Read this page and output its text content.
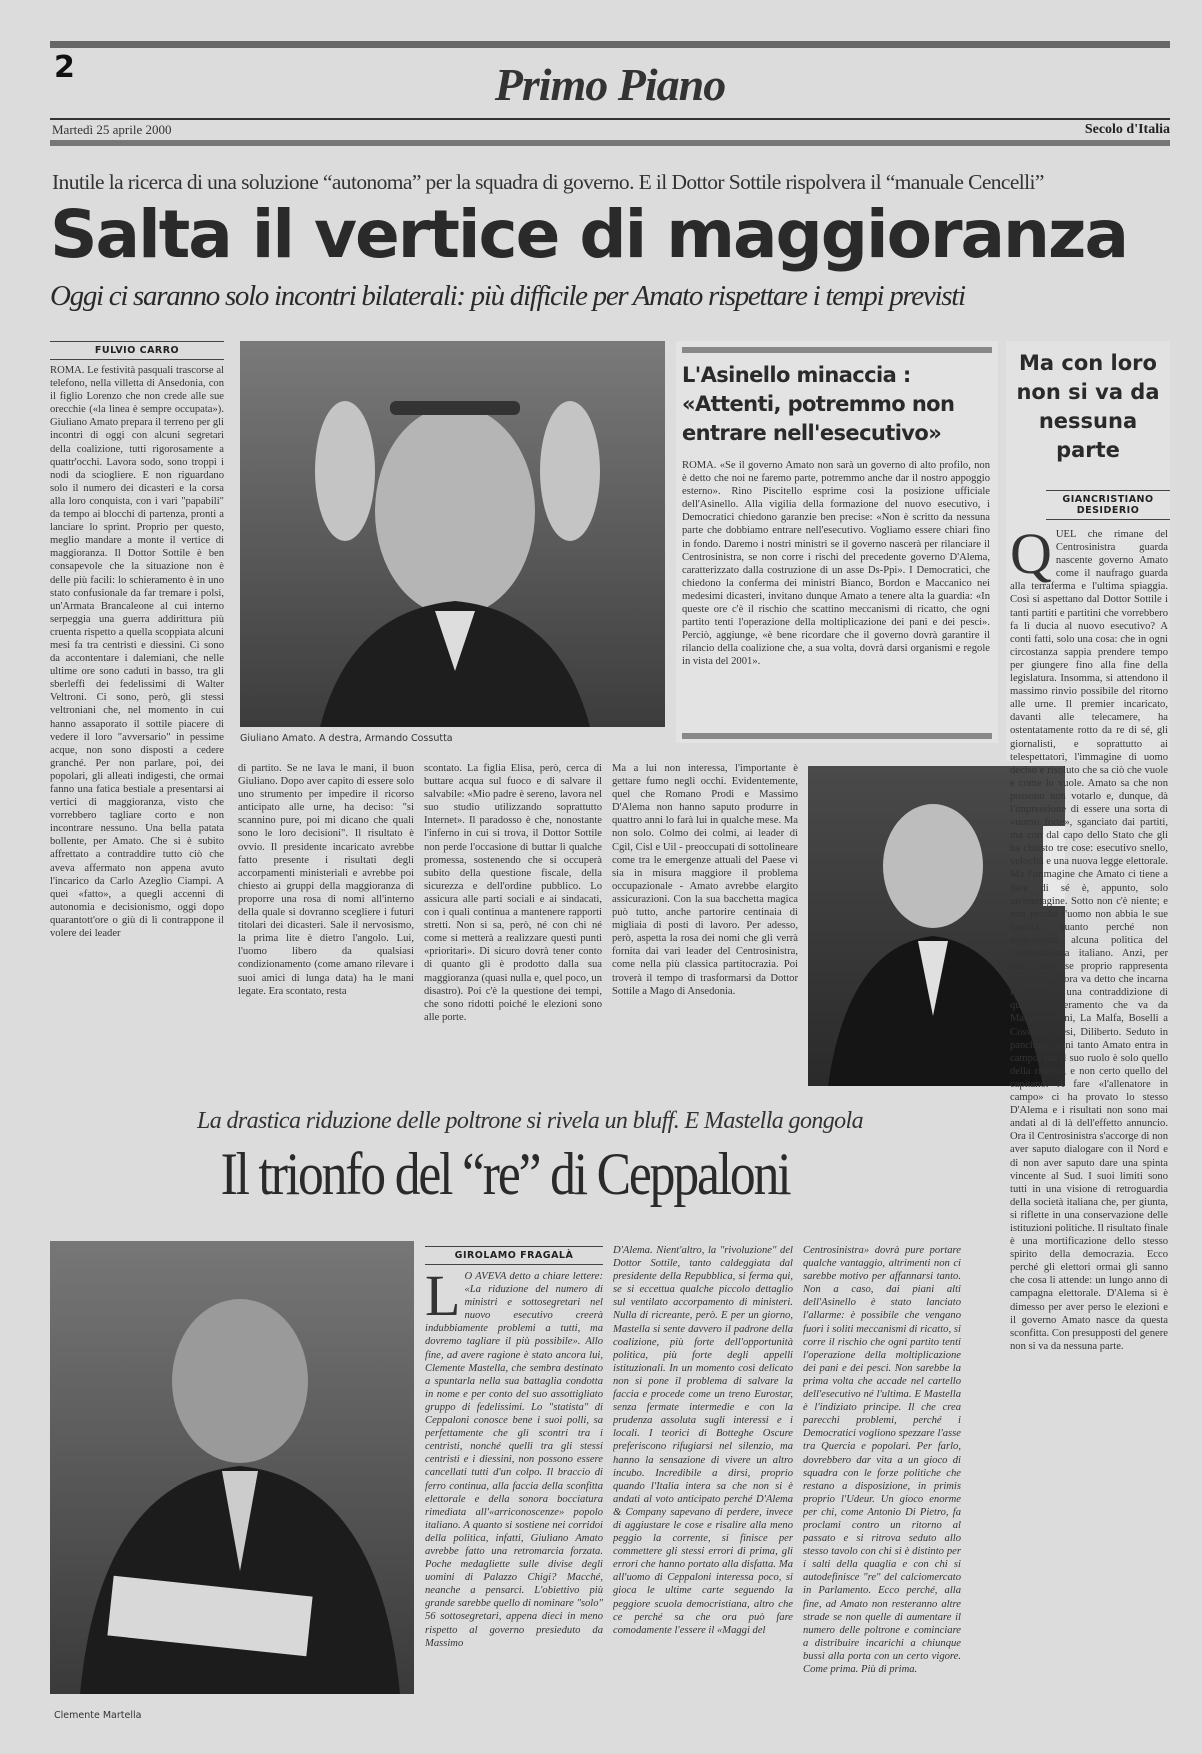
2	Primo Piano
Martedì 25 aprile 2000	Secolo d'Italia
Inutile la ricerca di una soluzione “autonoma” per la squadra di governo. E il Dottor Sottile rispolvera il “manuale Cencelli”
Salta il vertice di maggioranza
Oggi ci saranno solo incontri bilaterali: più difficile per Amato rispettare i tempi previsti
FULVIO CARRO
ROMA. Le festività pasquali trascorse al telefono, nella villetta di Ansedonia, con il figlio Lorenzo che non crede alle sue orecchie («la linea è sempre occupata»). Giuliano Amato prepara il terreno per gli incontri di oggi con alcuni segretari della coalizione, tutti rigorosamente a quattr'occhi. Lavora sodo, sono troppi i nodi da sciogliere. E non riguardano solo il numero dei dicasteri e la corsa alla loro conquista, con i vari "papabili" da tempo ai blocchi di partenza, pronti a lanciare lo sprint. Proprio per questo, meglio mandare a monte il vertice di maggioranza. Il Dottor Sottile è ben consapevole che la situazione non è delle più facili: lo schieramento è in uno stato confusionale da far tremare i polsi, un'Armata Brancaleone al cui interno serpeggia una guerra addirittura più cruenta rispetto a quella scoppiata alcuni mesi fa tra centristi e diessini. Ci sono da accontentare i dalemiani, che nelle ultime ore sono caduti in basso, tra gli sberleffi dei fedelissimi di Walter Veltroni. Ci sono, però, gli stessi veltroniani che, nel momento in cui hanno assaporato il sottile piacere di vedere il loro "avversario" in pessime acque, non sono disposti a cedere granché. Per non parlare, poi, dei popolari, gli alleati indigesti, che ormai fanno una fatica bestiale a presentarsi ai vertici di maggioranza, visto che vorrebbero tagliare corto e non incontrare nessuno. Una bella patata bollente, per Amato. Che si è subito affrettato a contraddire tutto ciò che aveva affermato non appena avuto l'incarico da Carlo Azeglio Ciampi. A quei «fatto», a quegli accenni di autonomia e decisionismo, oggi dopo quarantott'ore o giù di lì contrappone il volere dei leader
Giuliano Amato. A destra, Armando Cossutta
di partito. Se ne lava le mani, il buon Giuliano. Dopo aver capito di essere solo uno strumento per impedire il ricorso anticipato alle urne, ha deciso: "si scannino pure, poi mi dicano che quali sono le loro decisioni". Il risultato è ovvio. Il presidente incaricato avrebbe fatto presente i risultati degli accorpamenti ministeriali e avrebbe poi chiesto ai gruppi della maggioranza di proporre una rosa di nomi all'interno della quale si dovranno scegliere i futuri titolari dei dicasteri. Sale il nervosismo, la prima lite è dietro l'angolo. Lui, l'uomo libero da qualsiasi condizionamento (come amano rilevare i suoi amici di lunga data) ha le mani legate. Era scontato, resta
scontato. La figlia Elisa, però, cerca di buttare acqua sul fuoco e di salvare il salvabile: «Mio padre è sereno, lavora nel suo studio utilizzando soprattutto Internet». Il paradosso è che, nonostante l'inferno in cui si trova, il Dottor Sottile non perde l'occasione di buttar lì qualche promessa, sostenendo che si occuperà subito della questione fiscale, della sicurezza e dell'ordine pubblico. Lo assicura alle parti sociali e ai sindacati, con i quali continua a mantenere rapporti stretti. Non si sa, però, né con chi né come si metterà a realizzare questi punti «prioritari». Di sicuro dovrà tener conto di quanto gli è prodotto dalla sua maggioranza (quasi nulla e, quel poco, un disastro). Poi c'è la questione dei tempi, che sono ridotti poiché le elezioni sono alle porte.
Ma a lui non interessa, l'importante è gettare fumo negli occhi. Evidentemente, quel che Romano Prodi e Massimo D'Alema non hanno saputo produrre in quattro anni lo farà lui in qualche mese. Ma non solo. Colmo dei colmi, ai leader di Cgil, Cisl e Uil - preoccupati di sottolineare come tra le emergenze attuali del Paese vi sia in misura maggiore il problema occupazionale - Amato avrebbe elargito assicurazioni. Con la sua bacchetta magica può tutto, anche partorire centinaia di migliaia di posti di lavoro. Per adesso, però, aspetta la rosa dei nomi che gli verrà fornita dai vari leader del Centrosinistra, come nella più classica partitocrazia. Poi troverà il tempo di trasformarsi da Dottor Sottile a Mago di Ansedonia.
L'Asinello minaccia : «Attenti, potremmo non entrare nell'esecutivo»
ROMA. «Se il governo Amato non sarà un governo di alto profilo, non è detto che noi ne faremo parte, potremmo anche dar il nostro appoggio esterno». Rino Piscitello esprime così la posizione ufficiale dell'Asinello. Alla vigilia della formazione del nuovo esecutivo, i Democratici chiedono garanzie ben precise: «Non è scritto da nessuna parte che dobbiamo entrare nell'esecutivo. Vogliamo essere chiari fino in fondo. Daremo i nostri ministri se il governo nascerà per rilanciare il Centrosinistra, se non corre i rischi del precedente governo D'Alema, caratterizzato dalla costruzione di un asse Ds-Ppi». I Democratici, che chiedono la conferma dei ministri Bianco, Bordon e Maccanico nei medesimi dicasteri, invitano dunque Amato a tenere alta la guardia: «In queste ore c'è il rischio che scattino meccanismi di ricatto, che ogni partito tenti l'operazione della moltiplicazione dei pani e dei pesci». Perciò, aggiunge, «è bene ricordare che il governo dovrà garantire il rilancio della coalizione che, a sua volta, dovrà darsi organismi e regole in vista del 2001».
Ma con loro non si va da nessuna parte
GIANCRISTIANO DESIDERIO
QUEL che rimane del Centrosinistra guarda nascente governo Amato come il naufrago guarda alla terraferma e l'ultima spiaggia. Così si aspettano dal Dottor Sottile i tanti partiti e partitini che vorrebbero fa lì ducia al nuovo esecutivo? A conti fatti, solo una cosa: che in ogni circostanza sappia prendere tempo per giungere fino alla fine della legislatura. Insomma, si attendono il massimo rinvio possibile del ritorno alle urne. Il premier incaricato, davanti alle telecamere, ha ostentatamente rotto da re di sé, gli giornalisti, e soprattutto ai telespettatori, l'immagine di uomo deciso e risoluto che sa ciò che vuole e come lo vuole. Amato sa che non possono non votarlo e, dunque, dà l'impressione di essere una sorta di «uomo forte», sganciato dai partiti, ma con dal capo dello Stato che gli ha chiesto tre cose: esecutivo snello, velocità e una nuova legge elettorale. Ma l'immagine che Amato ci tiene a dare di sé è, appunto, solo un'immagine. Sotto non c'è niente; e non perché l'uomo non abbia le sue qualità, quanto perché non rappresenta alcuna politica del Centrosinistra italiano. Anzi, per dirla tutta, se proprio rappresenta una cosa, allora va detto che incarna le mille e una contraddizione di quello schieramento che va da Mastella, Dini, La Malfa, Boselli a Cossutta, Nesi, Diliberto. Seduto in panchina, ogni tanto Amato entra in campo; ma il suo ruolo è solo quello della riserva, e non certo quello del capitano. A fare «l'allenatore in campo» ci ha provato lo stesso D'Alema e i risultati non sono mai andati al di là dell'effetto annuncio. Ora il Centrosinistra s'accorge di non aver saputo dialogare con il Nord e di non aver saputo dare una spinta vincente al Sud. I suoi limiti sono tutti in una visione di retroguardia della società italiana che, per giunta, si riflette in una conservazione delle istituzioni politiche. Il risultato finale è una mortificazione dello stesso spirito della democrazia. Ecco perché gli elettori ormai gli sanno che cosa li attende: un lungo anno di campagna elettorale. D'Alema si è dimesso per aver perso le elezioni e il governo Amato nasce da questa sconfitta. Con presupposti del genere non si va da nessuna parte.
La drastica riduzione delle poltrone si rivela un bluff. E Mastella gongola
Il trionfo del “re” di Ceppaloni
Clemente Martella
GIROLAMO FRAGALÀ
L O AVEVA detto a chiare lettere: «La riduzione del numero di ministri e sottosegretari nel nuovo esecutivo creerà indubbiamente problemi a tutti, ma dovremo tagliare il più possibile». Allo fine, ad avere ragione è stato ancora lui, Clemente Mastella, che sembra destinato a spuntarla nella sua battaglia condotta in nome e per conto del suo assottigliato gruppo di fedelissimi. Lo "statista" di Ceppaloni conosce bene i suoi polli, sa perfettamente che gli scontri tra i centristi, nonché quelli tra gli stessi centristi e i diessini, non possono essere cancellati tutti d'un colpo. Il braccio di ferro continua, alla faccia della sconfitta elettorale e della sonora bocciatura rimediata all'«arriconoscenze» popolo italiano. A quanto si sostiene nei corridoi della politica, infatti, Giuliano Amato avrebbe fatto una retromarcia forzata. Poche medagliette sulle divise degli uomini di Palazzo Chigi? Macché, neanche a pensarci. L'obiettivo più grande sarebbe quello di nominare "solo" 56 sottosegretari, appena dieci in meno rispetto al governo presieduto da Massimo
D'Alema. Nient'altro, la "rivoluzione" del Dottor Sottile, tanto caldeggiata dal presidente della Repubblica, si ferma qui, se si eccettua qualche piccolo dettaglio sul ventilato accorpamento di ministeri. Nulla di ricreante, però. E per un giorno, Mastella si sente davvero il padrone della coalizione, più forte dell'opportunità politica, più forte degli appelli istituzionali. In un momento così delicato non si pone il problema di salvare la faccia e procede come un treno Eurostar, senza fermate intermedie e con la prudenza assoluta sugli interessi e i locali. I teorici di Botteghe Oscure preferiscono rifugiarsi nel silenzio, ma hanno la sensazione di vivere un altro incubo. Incredibile a dirsi, proprio quando l'Italia intera sa che non si è andati al voto anticipato perché D'Alema & Company sapevano di perdere, invece di aggiustare le cose e risalire alla meno peggio la corrente, si finisce per commettere gli stessi errori di prima, gli errori che hanno portato alla disfatta. Ma all'uomo di Ceppaloni interessa poco, si gioca le ultime carte seguendo la peggiore scuola democristiana, altro che ce perché sa che ora può fare comodamente l'essere il «Maggi del
Centrosinistra» dovrà pure portare qualche vantaggio, altrimenti non ci sarebbe motivo per affannarsi tanto. Non a caso, dai piani alti dell'Asinello è stato lanciato l'allarme: è possibile che vengano fuori i soliti meccanismi di ricatto, si corre il rischio che ogni partito tenti l'operazione della moltiplicazione dei pani e dei pesci. Non sarebbe la prima volta che accade nel cartello dell'esecutivo né l'ultima. E Mastella è l'indiziato principe. Il che crea parecchi problemi, perché i Democratici vogliono spezzare l'asse tra Quercia e popolari. Per farlo, dovrebbero dar vita a un gioco di squadra con le forze politiche che restano a disposizione, in primis proprio l'Udeur. Un gioco enorme per chi, come Antonio Di Pietro, fa proclami contro un ritorno al passato e si ritrova seduto allo stesso tavolo con chi si è distinto per i salti della quaglia e con chi si autodefinisce "re" del calciomercato in Parlamento. Ecco perché, alla fine, ad Amato non resteranno altre strade se non quelle di aumentare il numero delle poltrone e cominciare a distribuire incarichi a chiunque bussi alla porta con un certo vigore. Come prima. Più di prima.
